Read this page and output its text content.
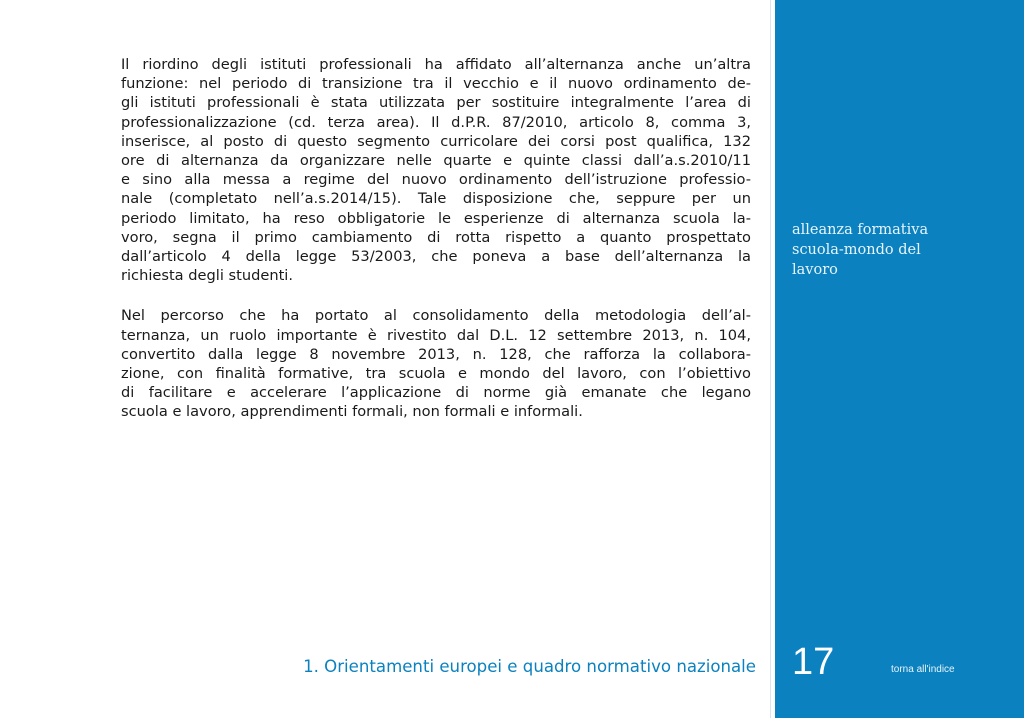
Il riordino degli istituti professionali ha affidato all’alternanza anche un’altra
funzione: nel periodo di transizione tra il vecchio e il nuovo ordinamento de-
gli istituti professionali è stata utilizzata per sostituire integralmente l’area di
professionalizzazione (cd. terza area). Il d.P.R. 87/2010, articolo 8, comma 3,
inserisce, al posto di questo segmento curricolare dei corsi post qualifica, 132
ore di alternanza da organizzare nelle quarte e quinte classi dall’a.s.2010/11
e sino alla messa a regime del nuovo ordinamento dell’istruzione professio-
nale (completato nell’a.s.2014/15). Tale disposizione che, seppure per un
periodo limitato, ha reso obbligatorie le esperienze di alternanza scuola la-
voro, segna il primo cambiamento di rotta rispetto a quanto prospettato
dall’articolo 4 della legge 53/2003, che poneva a base dell’alternanza la
richiesta degli studenti.

Nel percorso che ha portato al consolidamento della metodologia dell’al-
ternanza, un ruolo importante è rivestito dal D.L. 12 settembre 2013, n. 104,
convertito dalla legge 8 novembre 2013, n. 128, che rafforza la collabora-
zione, con finalità formative, tra scuola e mondo del lavoro, con l’obiettivo
di facilitare e accelerare l’applicazione di norme già emanate che legano
scuola e lavoro, apprendimenti formali, non formali e informali.

1. Orientamenti europei e quadro normativo nazionale
alleanza formativa
scuola-mondo del
lavoro
17	torna all'indice
